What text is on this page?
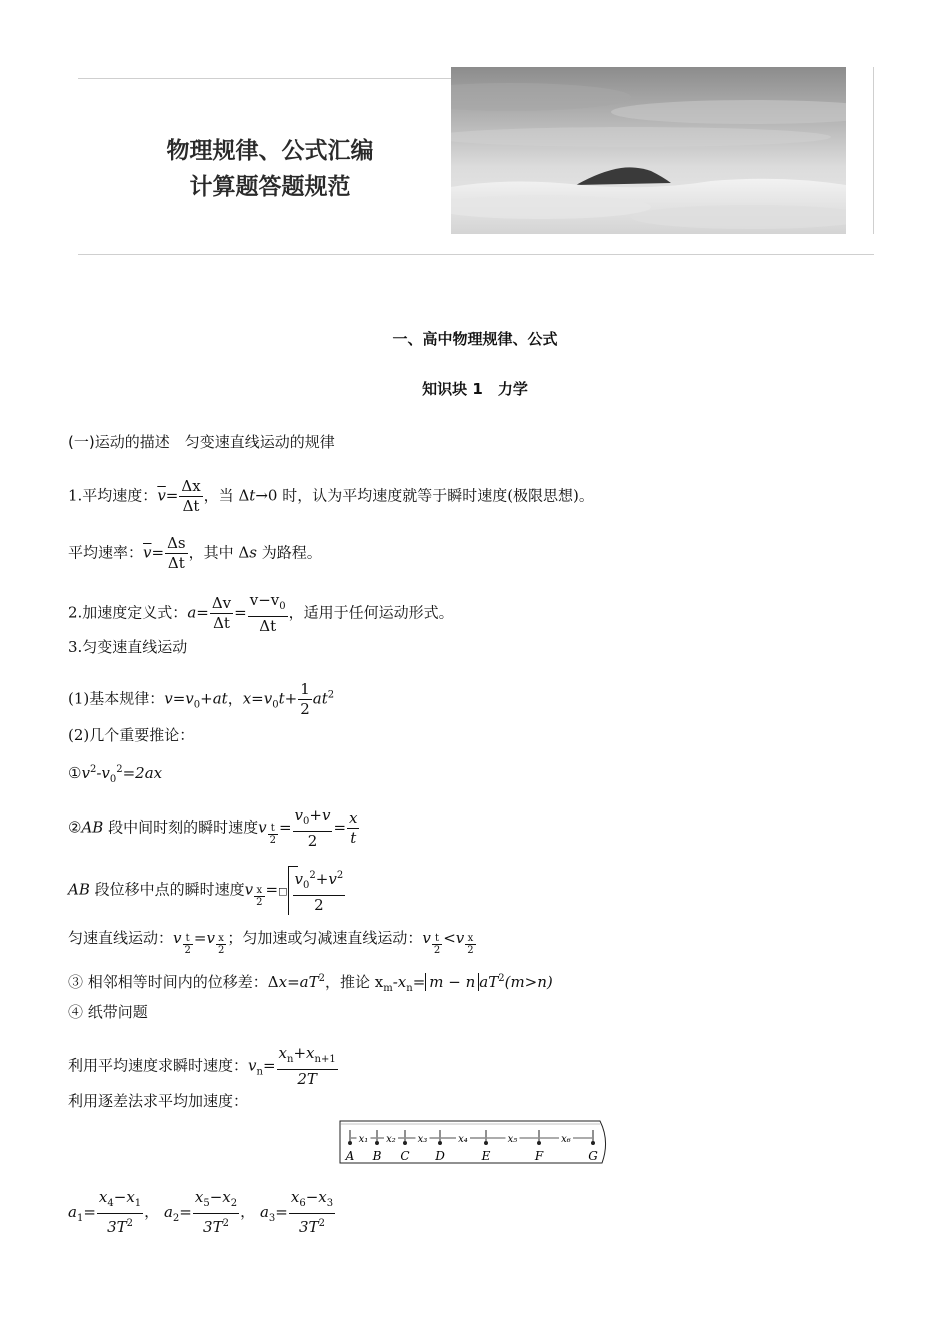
物理规律、公式汇编
计算题答题规范
一、高中物理规律、公式
知识块 1　力学
(一)运动的描述　匀变速直线运动的规律
1.平均速度：$\overline{v}= \frac{\Delta x}{\Delta t}$ ，当 Δt→0 时，认为平均速度就等于瞬时速度(极限思想)。
平均速率：$\overline{v}= \frac{\Delta s}{\Delta t}$ ，其中 Δs 为路程。
2.加速度定义式：$a= \frac{\Delta v}{\Delta t} = \frac{v-v_0}{\Delta t}$ ，适用于任何运动形式。
3.匀变速直线运动
(1)基本规律：$v=v_0+at$，$x=v_0t+ \frac{1}{2} at^2$
(2)几个重要推论：
$①v^2-v_0^2=2ax$
②AB 段中间时刻的瞬时速度v $\frac{t}{2} = \frac{v_0+v}{2} = \frac{x}{t}$
AB 段位移中点的瞬时速度v $\frac{x}{2}$ =□ $\frac{v_0^2+v^2}{2}$
匀速直线运动：v $\frac{t}{2} =v \frac{x}{2}$ ；匀加速或匀减速直线运动：v $\frac{t}{2} <v \frac{x}{2}$
③ 相邻相等时间内的位移差：$\Delta x=aT^2$，推论 $x_m-x_n= m - n$ $aT^2(m>n)$
④ 纸带问题
利用平均速度求瞬时速度：$v_n= \frac{x_n+x_{n+1}}{2T}$
利用逐差法求平均加速度：
A B C D	E	F	G
x₁ x₂ x₃	x₄	x₅	x₆
$a_1= \frac{x_4-x_1}{3T^2}$ ， $a_2= \frac{x_5-x_2}{3T^2}$ ， $a_3= \frac{x_6-x_3}{3T^2}$
